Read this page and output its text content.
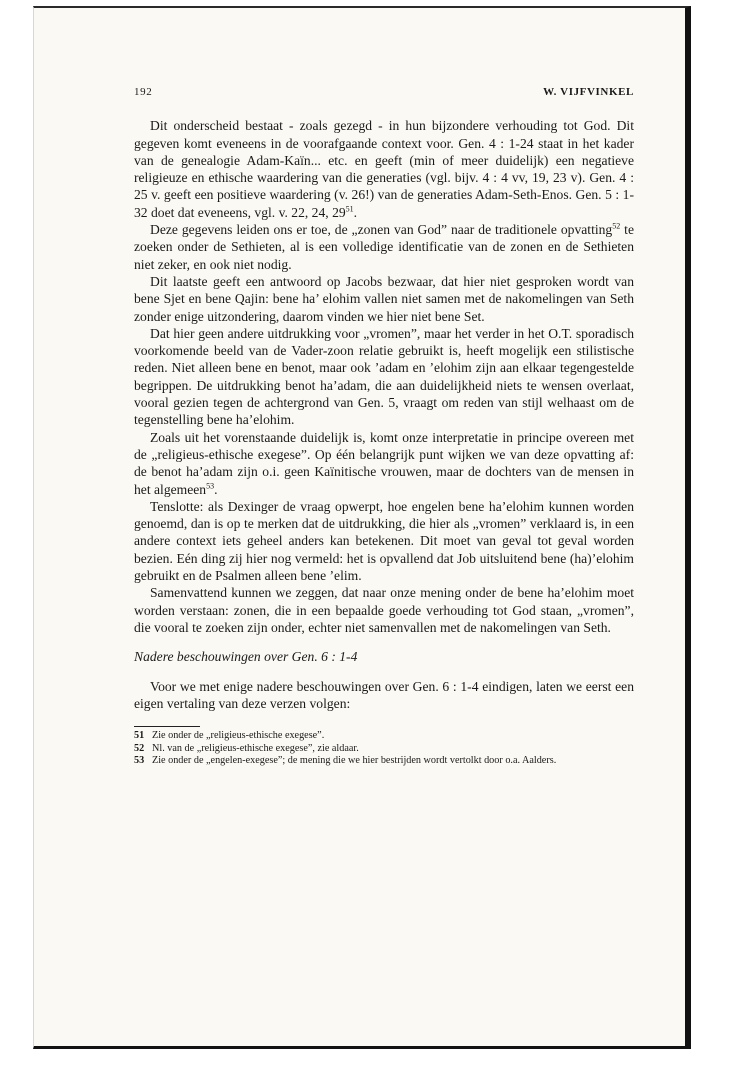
192	W. VIJFVINKEL

Dit onderscheid bestaat - zoals gezegd - in hun bijzondere verhouding tot God. Dit gegeven komt eveneens in de voorafgaande context voor. Gen. 4 : 1-24 staat in het kader van de genealogie Adam-Kaïn... etc. en geeft (min of meer duidelijk) een negatieve religieuze en ethische waardering van die generaties (vgl. bijv. 4 : 4 vv, 19, 23 v). Gen. 4 : 25 v. geeft een positieve waardering (v. 26!) van de generaties Adam-Seth-Enos. Gen. 5 : 1-32 doet dat eveneens, vgl. v. 22, 24, $29^{51}$.

Deze gegevens leiden ons er toe, de „zonen van God” naar de traditionele opvatting$^{52}$ te zoeken onder de Sethieten, al is een volledige identificatie van de zonen en de Sethieten niet zeker, en ook niet nodig.

Dit laatste geeft een antwoord op Jacobs bezwaar, dat hier niet gesproken wordt van bene Sjet en bene Qajin: bene ha’ elohim vallen niet samen met de nakomelingen van Seth zonder enige uitzondering, daarom vinden we hier niet bene Set.

Dat hier geen andere uitdrukking voor „vromen”, maar het verder in het O.T. sporadisch voorkomende beeld van de Vader-zoon relatie gebruikt is, heeft mogelijk een stilistische reden. Niet alleen bene en benot, maar ook ’adam en ’elohim zijn aan elkaar tegengestelde begrippen. De uitdrukking benot ha’adam, die aan duidelijkheid niets te wensen overlaat, vooral gezien tegen de achtergrond van Gen. 5, vraagt om reden van stijl welhaast om de tegenstelling bene ha’elohim.

Zoals uit het vorenstaande duidelijk is, komt onze interpretatie in principe overeen met de „religieus-ethische exegese”. Op één belangrijk punt wijken we van deze opvatting af: de benot ha’adam zijn o.i. geen Kaïnitische vrouwen, maar de dochters van de mensen in het algemeen$^{53}$.

Tenslotte: als Dexinger de vraag opwerpt, hoe engelen bene ha’elohim kunnen worden genoemd, dan is op te merken dat de uitdrukking, die hier als „vromen” verklaard is, in een andere context iets geheel anders kan betekenen. Dit moet van geval tot geval worden bezien. Eén ding zij hier nog vermeld: het is opvallend dat Job uitsluitend bene (ha)’elohim gebruikt en de Psalmen alleen bene ’elim.

Samenvattend kunnen we zeggen, dat naar onze mening onder de bene ha’elohim moet worden verstaan: zonen, die in een bepaalde goede verhouding tot God staan, „vromen”, die vooral te zoeken zijn onder, echter niet samenvallen met de nakomelingen van Seth.

Nadere beschouwingen over Gen. 6 : 1-4

Voor we met enige nadere beschouwingen over Gen. 6 : 1-4 eindigen, laten we eerst een eigen vertaling van deze verzen volgen:

51 Zie onder de „religieus-ethische exegese”.
52 Nl. van de „religieus-ethische exegese”, zie aldaar.
53 Zie onder de „engelen-exegese”; de mening die we hier bestrijden wordt vertolkt door o.a. Aalders.
